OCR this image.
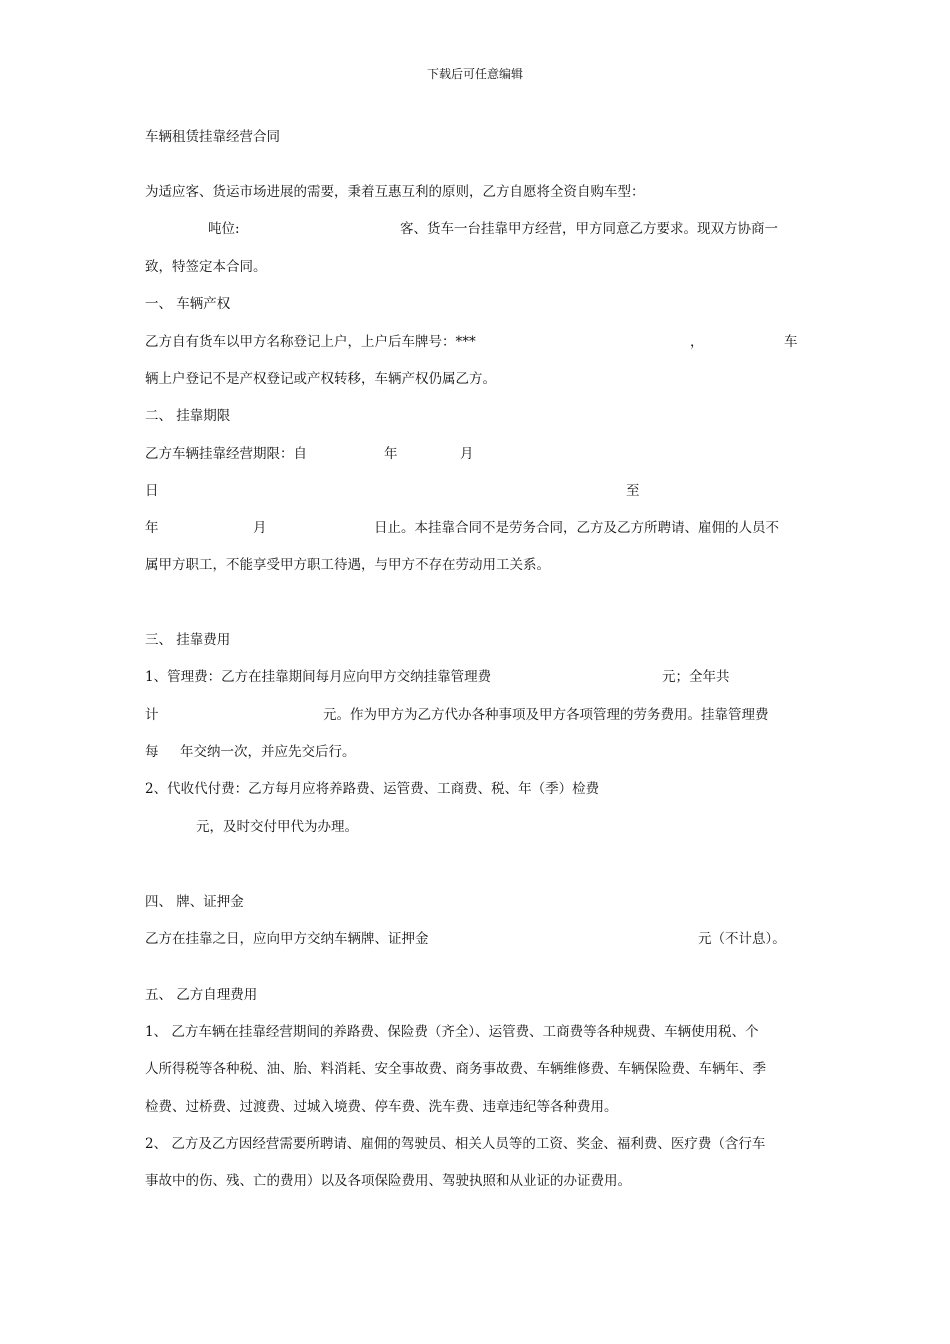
下载后可任意编辑
车辆租赁挂靠经营合同
为适应客、货运市场进展的需要，秉着互惠互利的原则，乙方自愿将全资自购车型：
吨位:	客、货车一台挂靠甲方经营，甲方同意乙方要求。现双方协商一
致，特签定本合同。
一、 车辆产权
乙方自有货车以甲方名称登记上户，上户后车牌号：***	，	车
辆上户登记不是产权登记或产权转移，车辆产权仍属乙方。
二、 挂靠期限
乙方车辆挂靠经营期限：自	年	月
日	至
年	月	日止。本挂靠合同不是劳务合同，乙方及乙方所聘请、雇佣的人员不
属甲方职工，不能享受甲方职工待遇，与甲方不存在劳动用工关系。
三、 挂靠费用
1、管理费：乙方在挂靠期间每月应向甲方交纳挂靠管理费	元；全年共
计	元。作为甲方为乙方代办各种事项及甲方各项管理的劳务费用。挂靠管理费
每 年交纳一次，并应先交后行。
2、代收代付费：乙方每月应将养路费、运管费、工商费、税、年（季）检费
元，及时交付甲代为办理。
四、 牌、证押金
乙方在挂靠之日，应向甲方交纳车辆牌、证押金	元（不计息）。
五、 乙方自理费用
1、 乙方车辆在挂靠经营期间的养路费、保险费（齐全）、运管费、工商费等各种规费、车辆使用税、个
人所得税等各种税、油、胎、料消耗、安全事故费、商务事故费、车辆维修费、车辆保险费、车辆年、季
检费、过桥费、过渡费、过城入境费、停车费、洗车费、违章违纪等各种费用。
2、 乙方及乙方因经营需要所聘请、雇佣的驾驶员、相关人员等的工资、奖金、福利费、医疗费（含行车
事故中的伤、残、亡的费用）以及各项保险费用、驾驶执照和从业证的办证费用。
